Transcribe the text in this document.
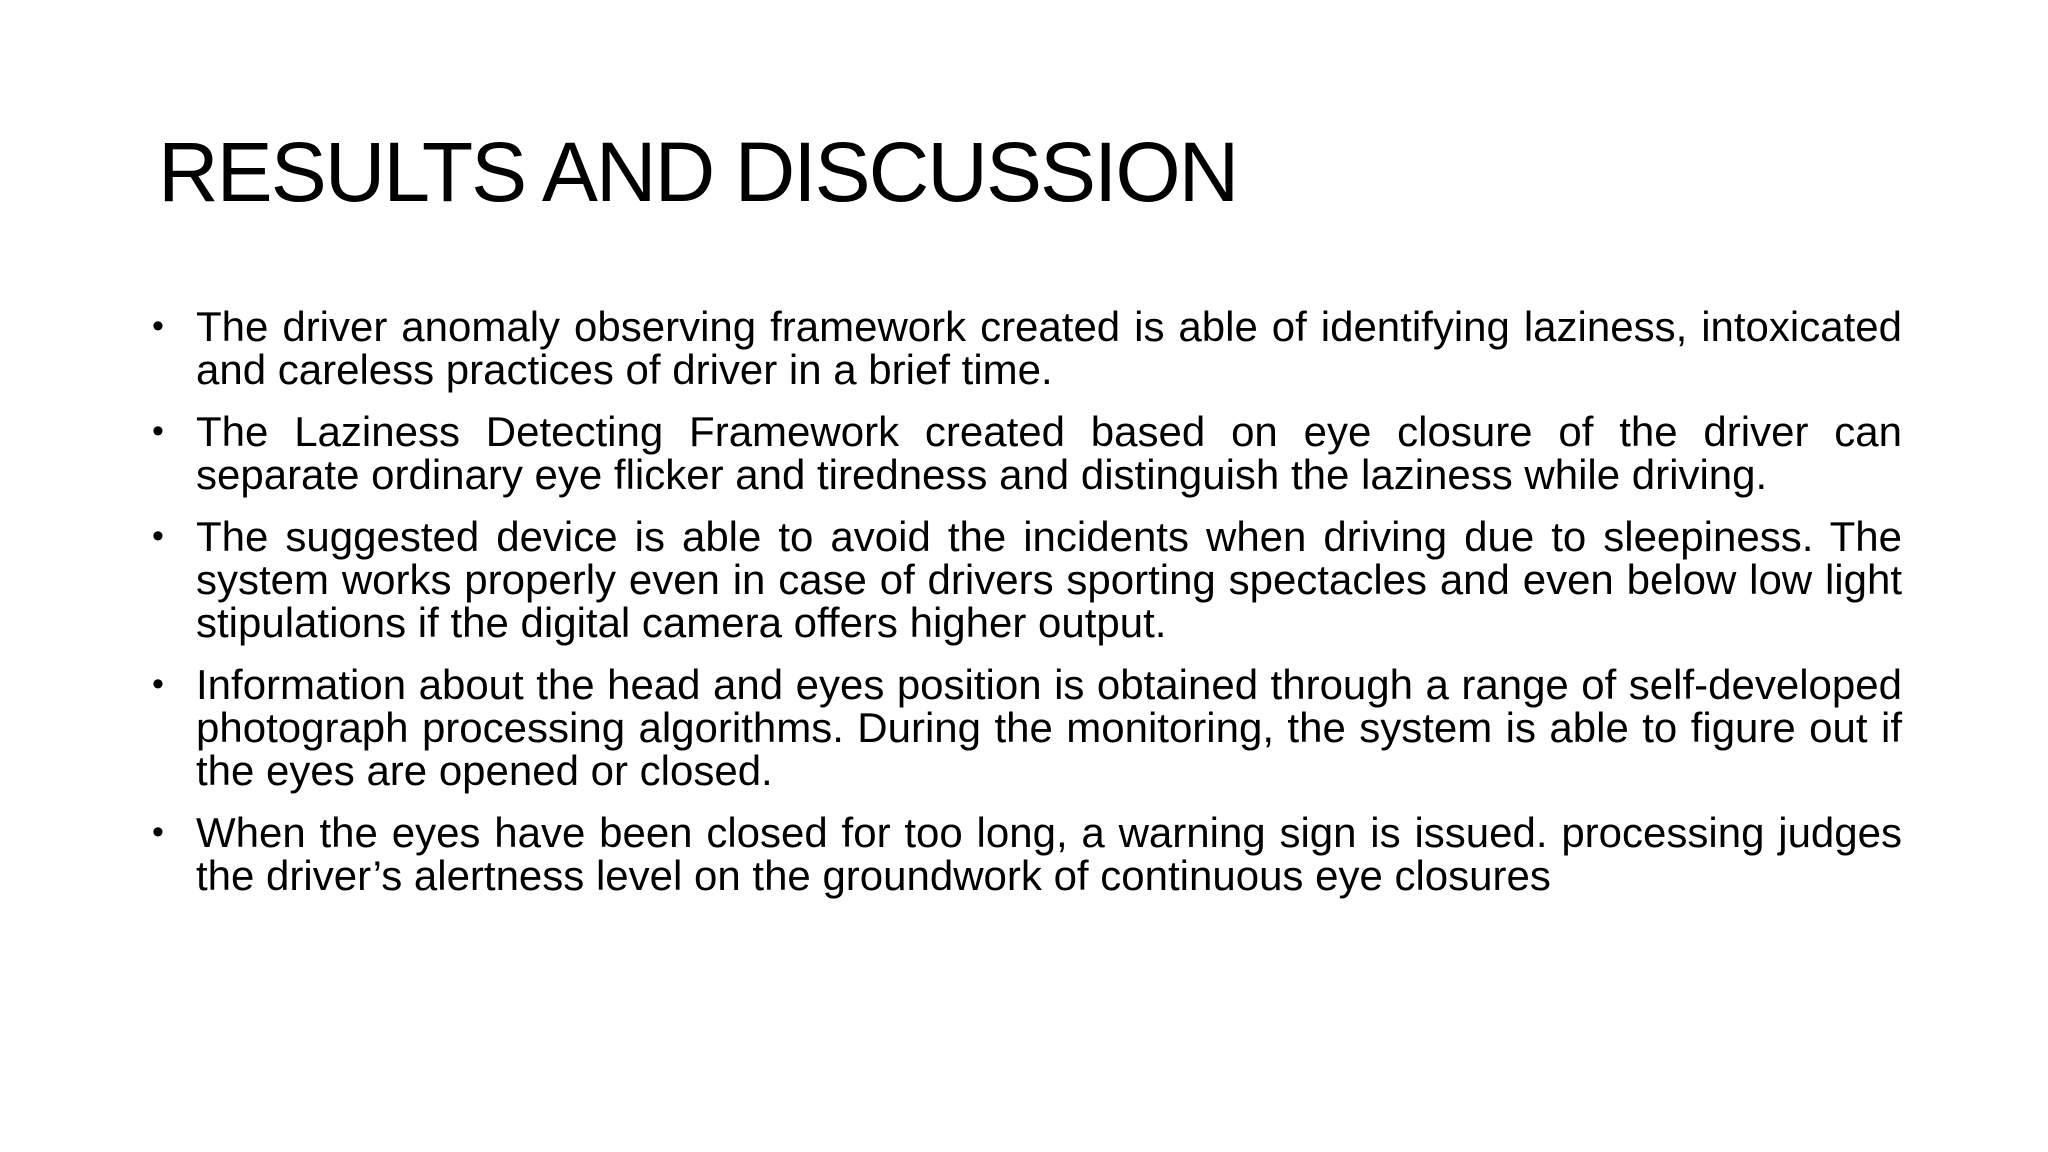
RESULTS AND DISCUSSION
• The driver anomaly observing framework created is able of identifying laziness, intoxicated and careless practices of driver in a brief time.
• The Laziness Detecting Framework created based on eye closure of the driver can separate ordinary eye flicker and tiredness and distinguish the laziness while driving.
• The suggested device is able to avoid the incidents when driving due to sleepiness. The system works properly even in case of drivers sporting spectacles and even below low light stipulations if the digital camera offers higher output.
• Information about the head and eyes position is obtained through a range of self-developed photograph processing algorithms. During the monitoring, the system is able to figure out if the eyes are opened or closed.
• When the eyes have been closed for too long, a warning sign is issued. processing judges the driver’s alertness level on the groundwork of continuous eye closures
